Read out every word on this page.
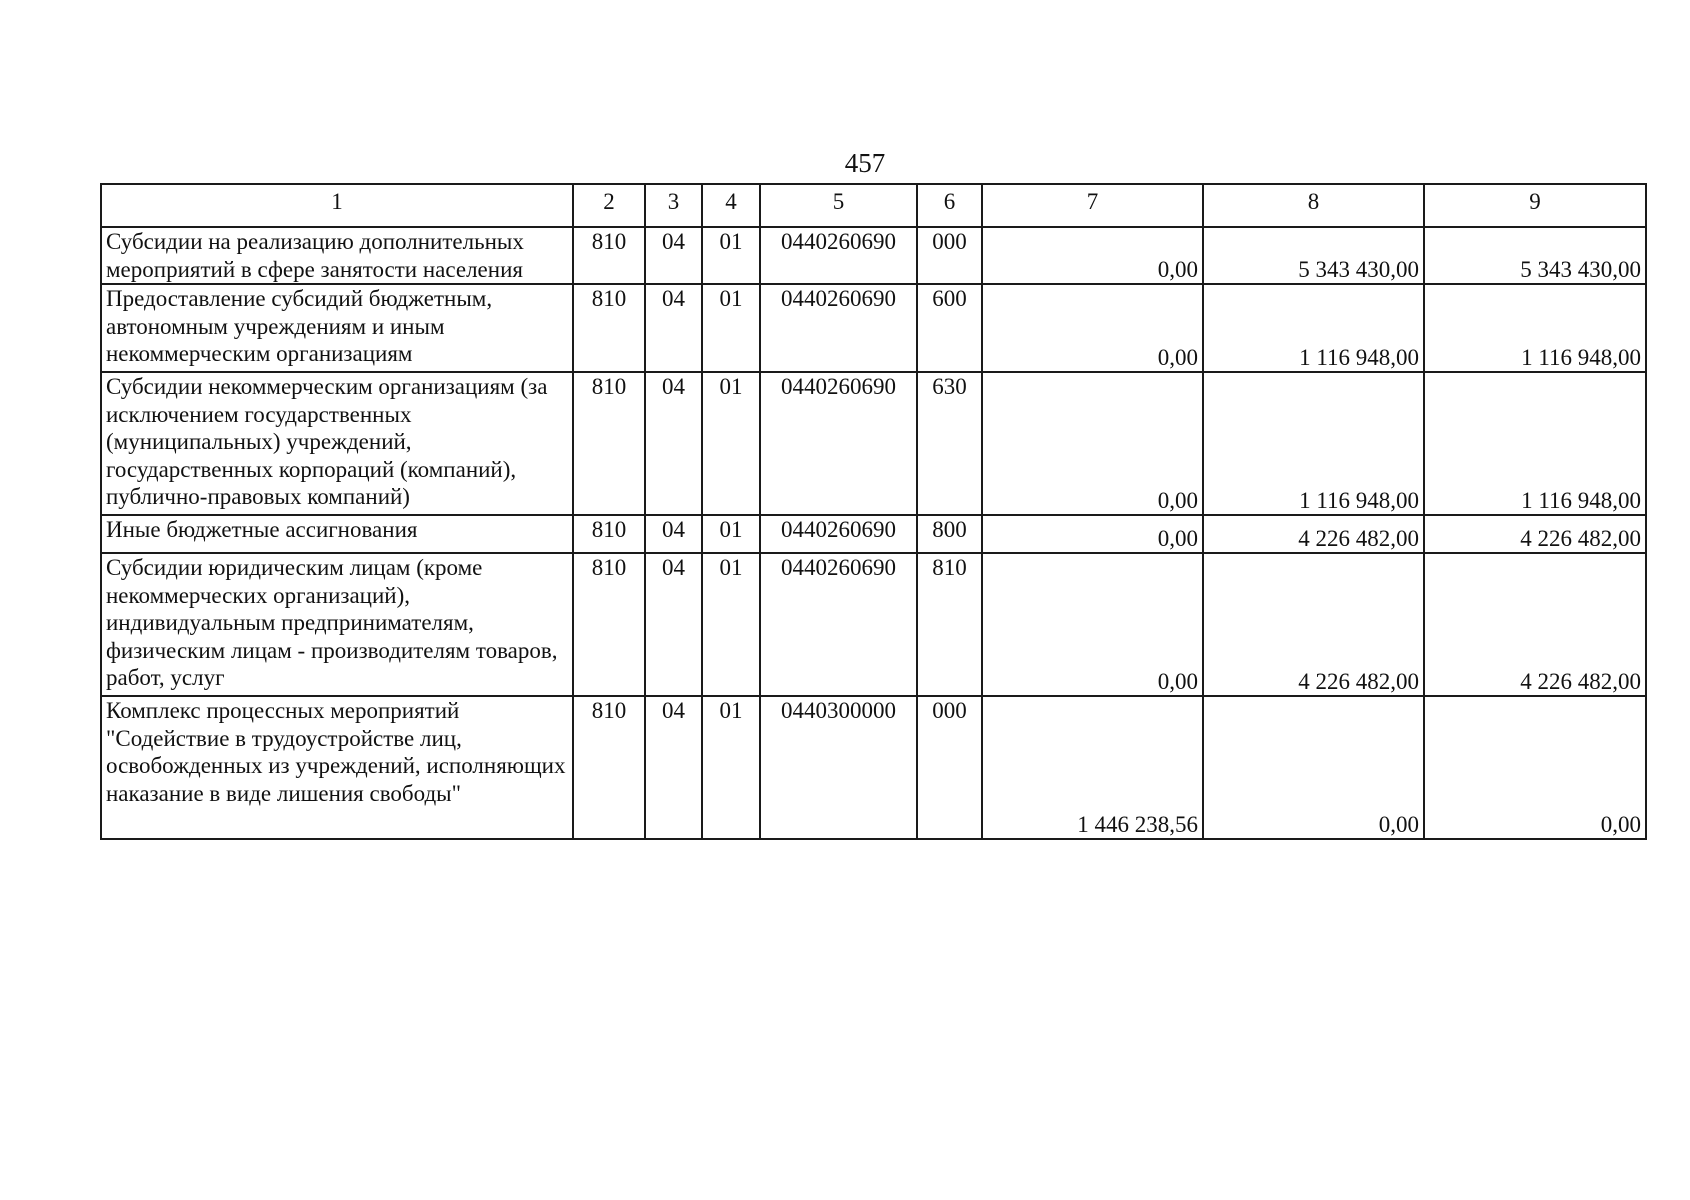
457
1	2	3	4	5	6	7	8	9
Субсидии на реализацию дополнительных мероприятий в сфере занятости населения	810	04	01	0440260690	000	0,00	5 343 430,00	5 343 430,00
Предоставление субсидий бюджетным, автономным учреждениям и иным некоммерческим организациям	810	04	01	0440260690	600	0,00	1 116 948,00	1 116 948,00
Субсидии некоммерческим организациям (за исключением государственных (муниципальных) учреждений, государственных корпораций (компаний), публично-правовых компаний)	810	04	01	0440260690	630	0,00	1 116 948,00	1 116 948,00
Иные бюджетные ассигнования	810	04	01	0440260690	800	0,00	4 226 482,00	4 226 482,00
Субсидии юридическим лицам (кроме некоммерческих организаций), индивидуальным предпринимателям, физическим лицам - производителям товаров, работ, услуг	810	04	01	0440260690	810	0,00	4 226 482,00	4 226 482,00
Комплекс процессных мероприятий "Содействие в трудоустройстве лиц, освобожденных из учреждений, исполняющих наказание в виде лишения свободы"	810	04	01	0440300000	000	1 446 238,56	0,00	0,00
